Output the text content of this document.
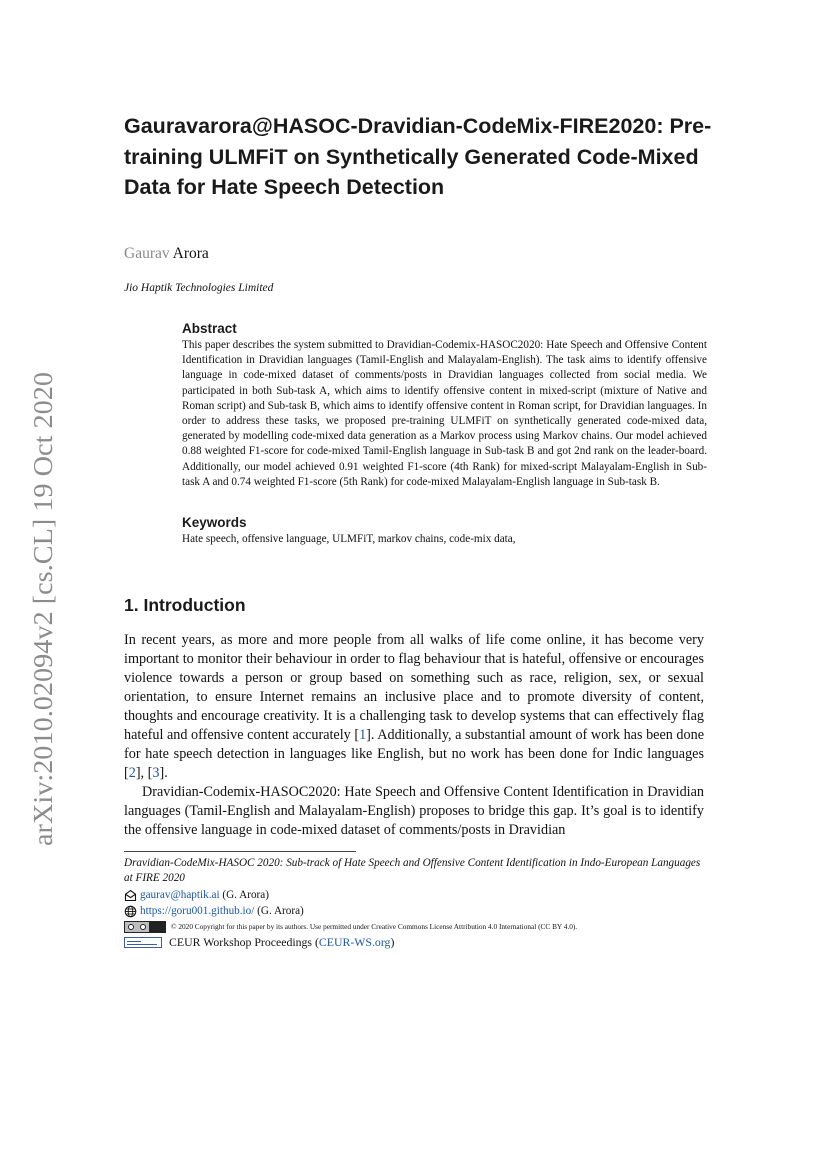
arXiv:2010.02094v2 [cs.CL] 19 Oct 2020
Gauravarora@HASOC-Dravidian-CodeMix-FIRE2020: Pre-training ULMFiT on Synthetically Generated Code-Mixed Data for Hate Speech Detection

Gaurav Arora

Jio Haptik Technologies Limited

Abstract

This paper describes the system submitted to Dravidian-Codemix-HASOC2020: Hate Speech and Offensive Content Identification in Dravidian languages (Tamil-English and Malayalam-English). The task aims to identify offensive language in code-mixed dataset of comments/posts in Dravidian languages collected from social media. We participated in both Sub-task A, which aims to identify offensive content in mixed-script (mixture of Native and Roman script) and Sub-task B, which aims to identify offensive content in Roman script, for Dravidian languages. In order to address these tasks, we proposed pre-training ULMFiT on synthetically generated code-mixed data, generated by modelling code-mixed data generation as a Markov process using Markov chains. Our model achieved 0.88 weighted F1-score for code-mixed Tamil-English language in Sub-task B and got 2nd rank on the leader-board. Additionally, our model achieved 0.91 weighted F1-score (4th Rank) for mixed-script Malayalam-English in Sub-task A and 0.74 weighted F1-score (5th Rank) for code-mixed Malayalam-English language in Sub-task B.

Keywords

Hate speech, offensive language, ULMFiT, markov chains, code-mix data,

1. Introduction

In recent years, as more and more people from all walks of life come online, it has become very important to monitor their behaviour in order to flag behaviour that is hateful, offensive or encourages violence towards a person or group based on something such as race, religion, sex, or sexual orientation, to ensure Internet remains an inclusive place and to promote diversity of content, thoughts and encourage creativity. It is a challenging task to develop systems that can effectively flag hateful and offensive content accurately [1]. Additionally, a substantial amount of work has been done for hate speech detection in languages like English, but no work has been done for Indic languages [2], [3].

Dravidian-Codemix-HASOC2020: Hate Speech and Offensive Content Identification in Dravidian languages (Tamil-English and Malayalam-English) proposes to bridge this gap. It’s goal is to identify the offensive language in code-mixed dataset of comments/posts in Dravidian

Dravidian-CodeMix-HASOC 2020: Sub-track of Hate Speech and Offensive Content Identification in Indo-European Languages at FIRE 2020

gaurav@haptik.ai (G. Arora)
https://goru001.github.io/ (G. Arora)
© 2020 Copyright for this paper by its authors. Use permitted under Creative Commons License Attribution 4.0 International (CC BY 4.0).
CEUR Workshop Proceedings (CEUR-WS.org)
